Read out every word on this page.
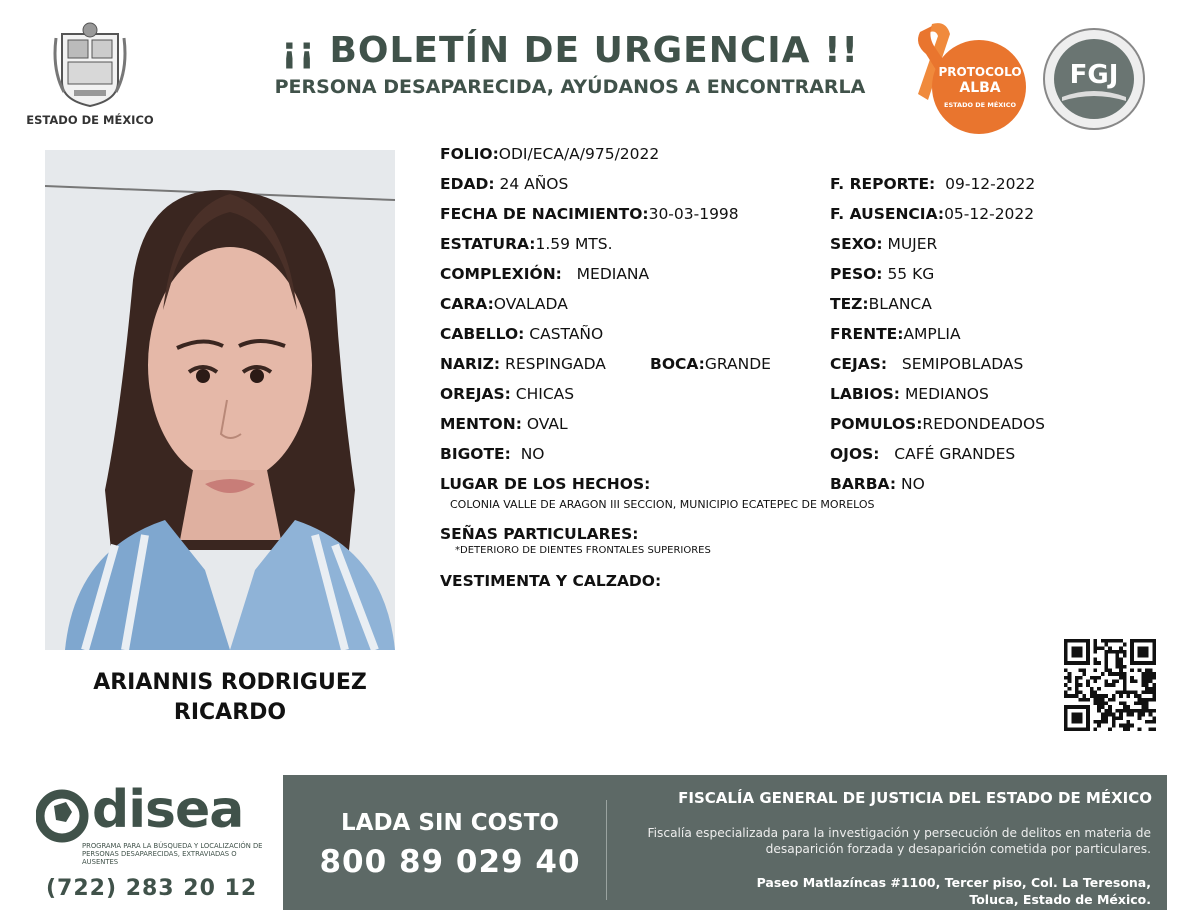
ESTADO DE MÉXICO
¡¡ BOLETÍN DE URGENCIA !!
PERSONA DESAPARECIDA, AYÚDANOS A ENCONTRARLA
PROTOCOLO
ALBA
ESTADO DE MÉXICO
FGJ
ARIANNIS RODRIGUEZ
RICARDO
FOLIO:ODI/ECA/A/975/2022
EDAD: 24 AÑOS
FECHA DE NACIMIENTO:30-03-1998
ESTATURA:1.59 MTS.
COMPLEXIÓN: MEDIANA
CARA:OVALADA
CABELLO: CASTAÑO
NARIZ: RESPINGADA	BOCA:GRANDE
OREJAS: CHICAS
MENTON: OVAL
BIGOTE: NO
LUGAR DE LOS HECHOS:
COLONIA VALLE DE ARAGON III SECCION, MUNICIPIO ECATEPEC DE MORELOS
SEÑAS PARTICULARES:
*DETERIORO DE DIENTES FRONTALES SUPERIORES
VESTIMENTA Y CALZADO:
F. REPORTE: 09-12-2022
F. AUSENCIA:05-12-2022
SEXO: MUJER
PESO: 55 KG
TEZ:BLANCA
FRENTE:AMPLIA
CEJAS: SEMIPOBLADAS
LABIOS: MEDIANOS
POMULOS:REDONDEADOS
OJOS: CAFÉ GRANDES
BARBA: NO
disea
PROGRAMA PARA LA BÚSQUEDA Y LOCALIZACIÓN DE PERSONAS DESAPARECIDAS, EXTRAVIADAS O AUSENTES
(722) 283 20 12
LADA SIN COSTO
800 89 029 40
FISCALÍA GENERAL DE JUSTICIA DEL ESTADO DE MÉXICO
Fiscalía especializada para la investigación y persecución de delitos en materia de desaparición forzada y desaparición cometida por particulares.
Paseo Matlazíncas #1100, Tercer piso, Col. La Teresona,
Toluca, Estado de México.
